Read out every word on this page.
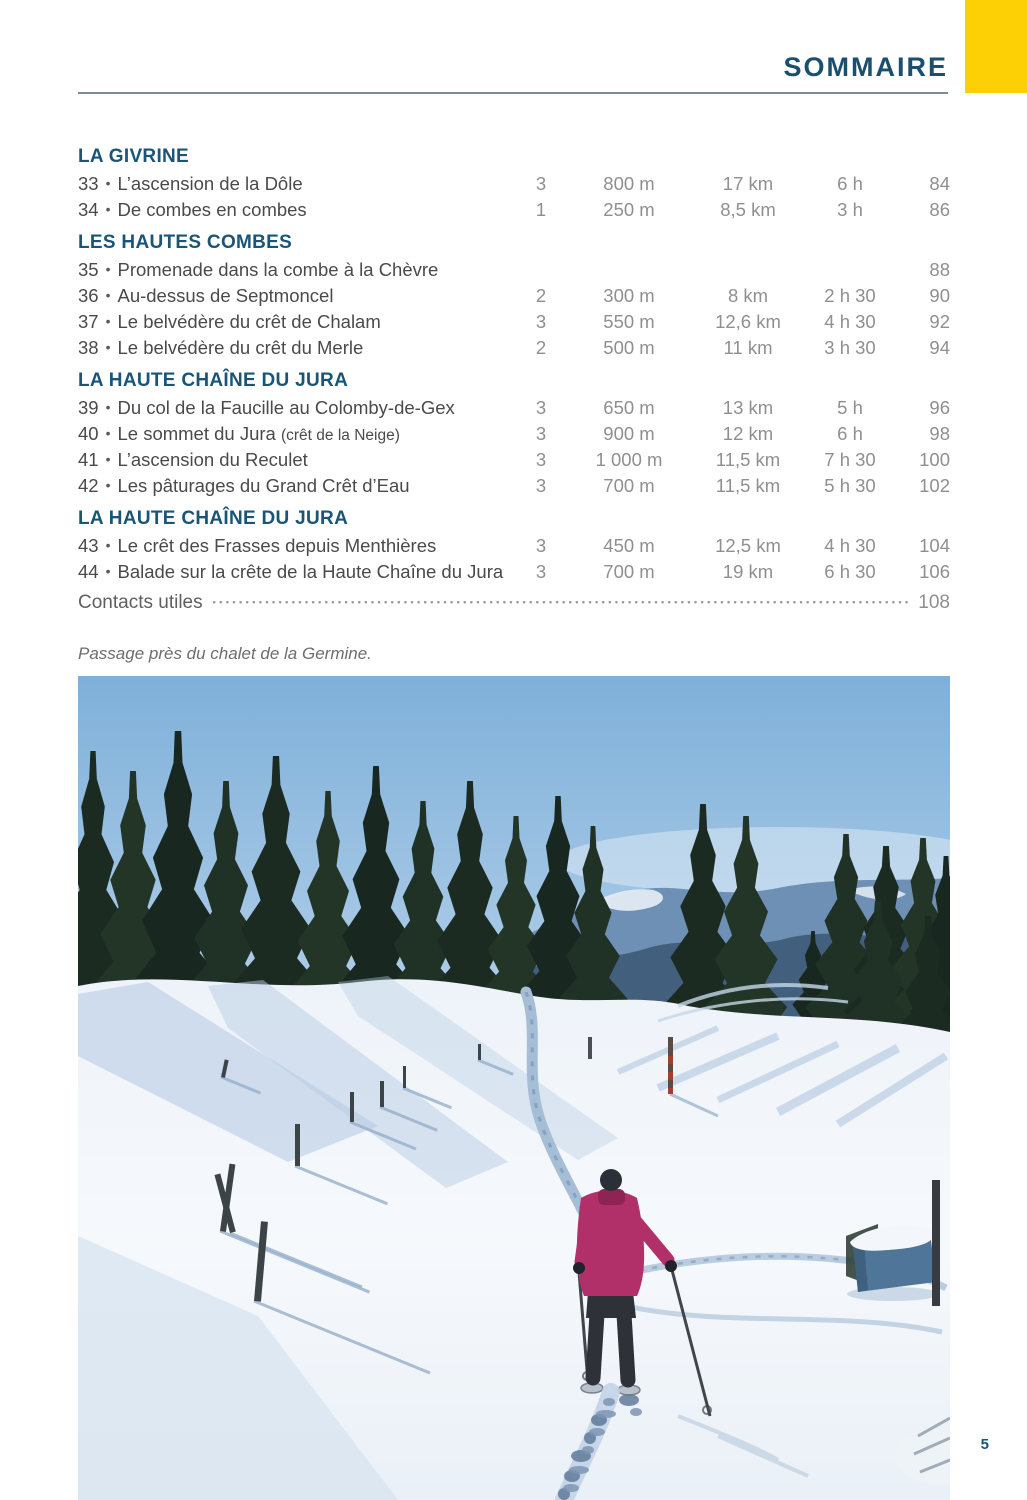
SOMMAIRE
LA GIVRINE
33 • L’ascension de la Dôle	3	800 m	17 km	6 h	84
34 • De combes en combes	1	250 m	8,5 km	3 h	86
LES HAUTES COMBES
35 • Promenade dans la combe à la Chèvre	88
36 • Au-dessus de Septmoncel	2	300 m	8 km	2 h 30	90
37 • Le belvédère du crêt de Chalam	3	550 m	12,6 km	4 h 30	92
38 • Le belvédère du crêt du Merle	2	500 m	11 km	3 h 30	94
LA HAUTE CHAÎNE DU JURA
39 • Du col de la Faucille au Colomby-de-Gex	3	650 m	13 km	5 h	96
40 • Le sommet du Jura (crêt de la Neige)	3	900 m	12 km	6 h	98
41 • L’ascension du Reculet	3	1 000 m	11,5 km	7 h 30	100
42 • Les pâturages du Grand Crêt d’Eau	3	700 m	11,5 km	5 h 30	102
LA HAUTE CHAÎNE DU JURA
43 • Le crêt des Frasses depuis Menthières	3	450 m	12,5 km	4 h 30	104
44 • Balade sur la crête de la Haute Chaîne du Jura	3	700 m	19 km	6 h 30	106
Contacts utiles	108
Passage près du chalet de la Germine.
5
